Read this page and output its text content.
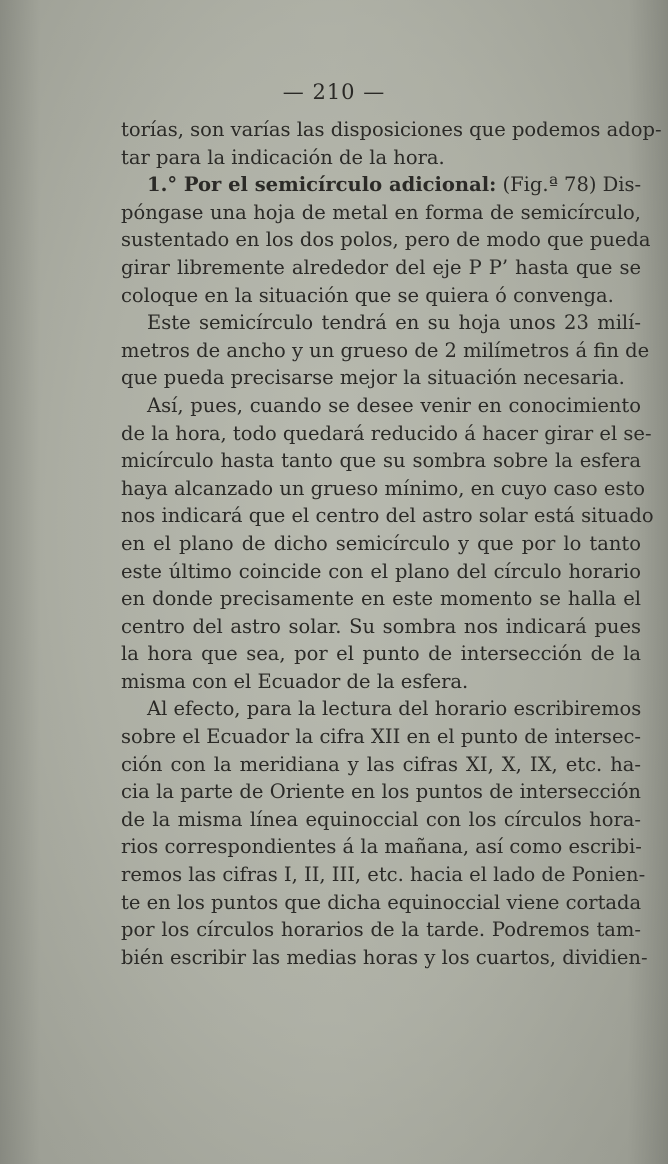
— 210 —
torías, son varías las disposiciones que podemos adop-
tar para la indicación de la hora.
1.° Por el semicírculo adicional: (Fig.ª 78) Dis-
póngase una hoja de metal en forma de semicírculo,
sustentado en los dos polos, pero de modo que pueda
girar libremente alrededor del eje P P’ hasta que se
coloque en la situación que se quiera ó convenga.
Este semicírculo tendrá en su hoja unos 23 milí-
metros de ancho y un grueso de 2 milímetros á fin de
que pueda precisarse mejor la situación necesaria.
Así, pues, cuando se desee venir en conocimiento
de la hora, todo quedará reducido á hacer girar el se-
micírculo hasta tanto que su sombra sobre la esfera
haya alcanzado un grueso mínimo, en cuyo caso esto
nos indicará que el centro del astro solar está situado
en el plano de dicho semicírculo y que por lo tanto
este último coincide con el plano del círculo horario
en donde precisamente en este momento se halla el
centro del astro solar. Su sombra nos indicará pues
la hora que sea, por el punto de intersección de la
misma con el Ecuador de la esfera.
Al efecto, para la lectura del horario escribiremos
sobre el Ecuador la cifra XII en el punto de intersec-
ción con la meridiana y las cifras XI, X, IX, etc. ha-
cia la parte de Oriente en los puntos de intersección
de la misma línea equinoccial con los círculos hora-
rios correspondientes á la mañana, así como escribi-
remos las cifras I, II, III, etc. hacia el lado de Ponien-
te en los puntos que dicha equinoccial viene cortada
por los círculos horarios de la tarde. Podremos tam-
bién escribir las medias horas y los cuartos, dividien-
